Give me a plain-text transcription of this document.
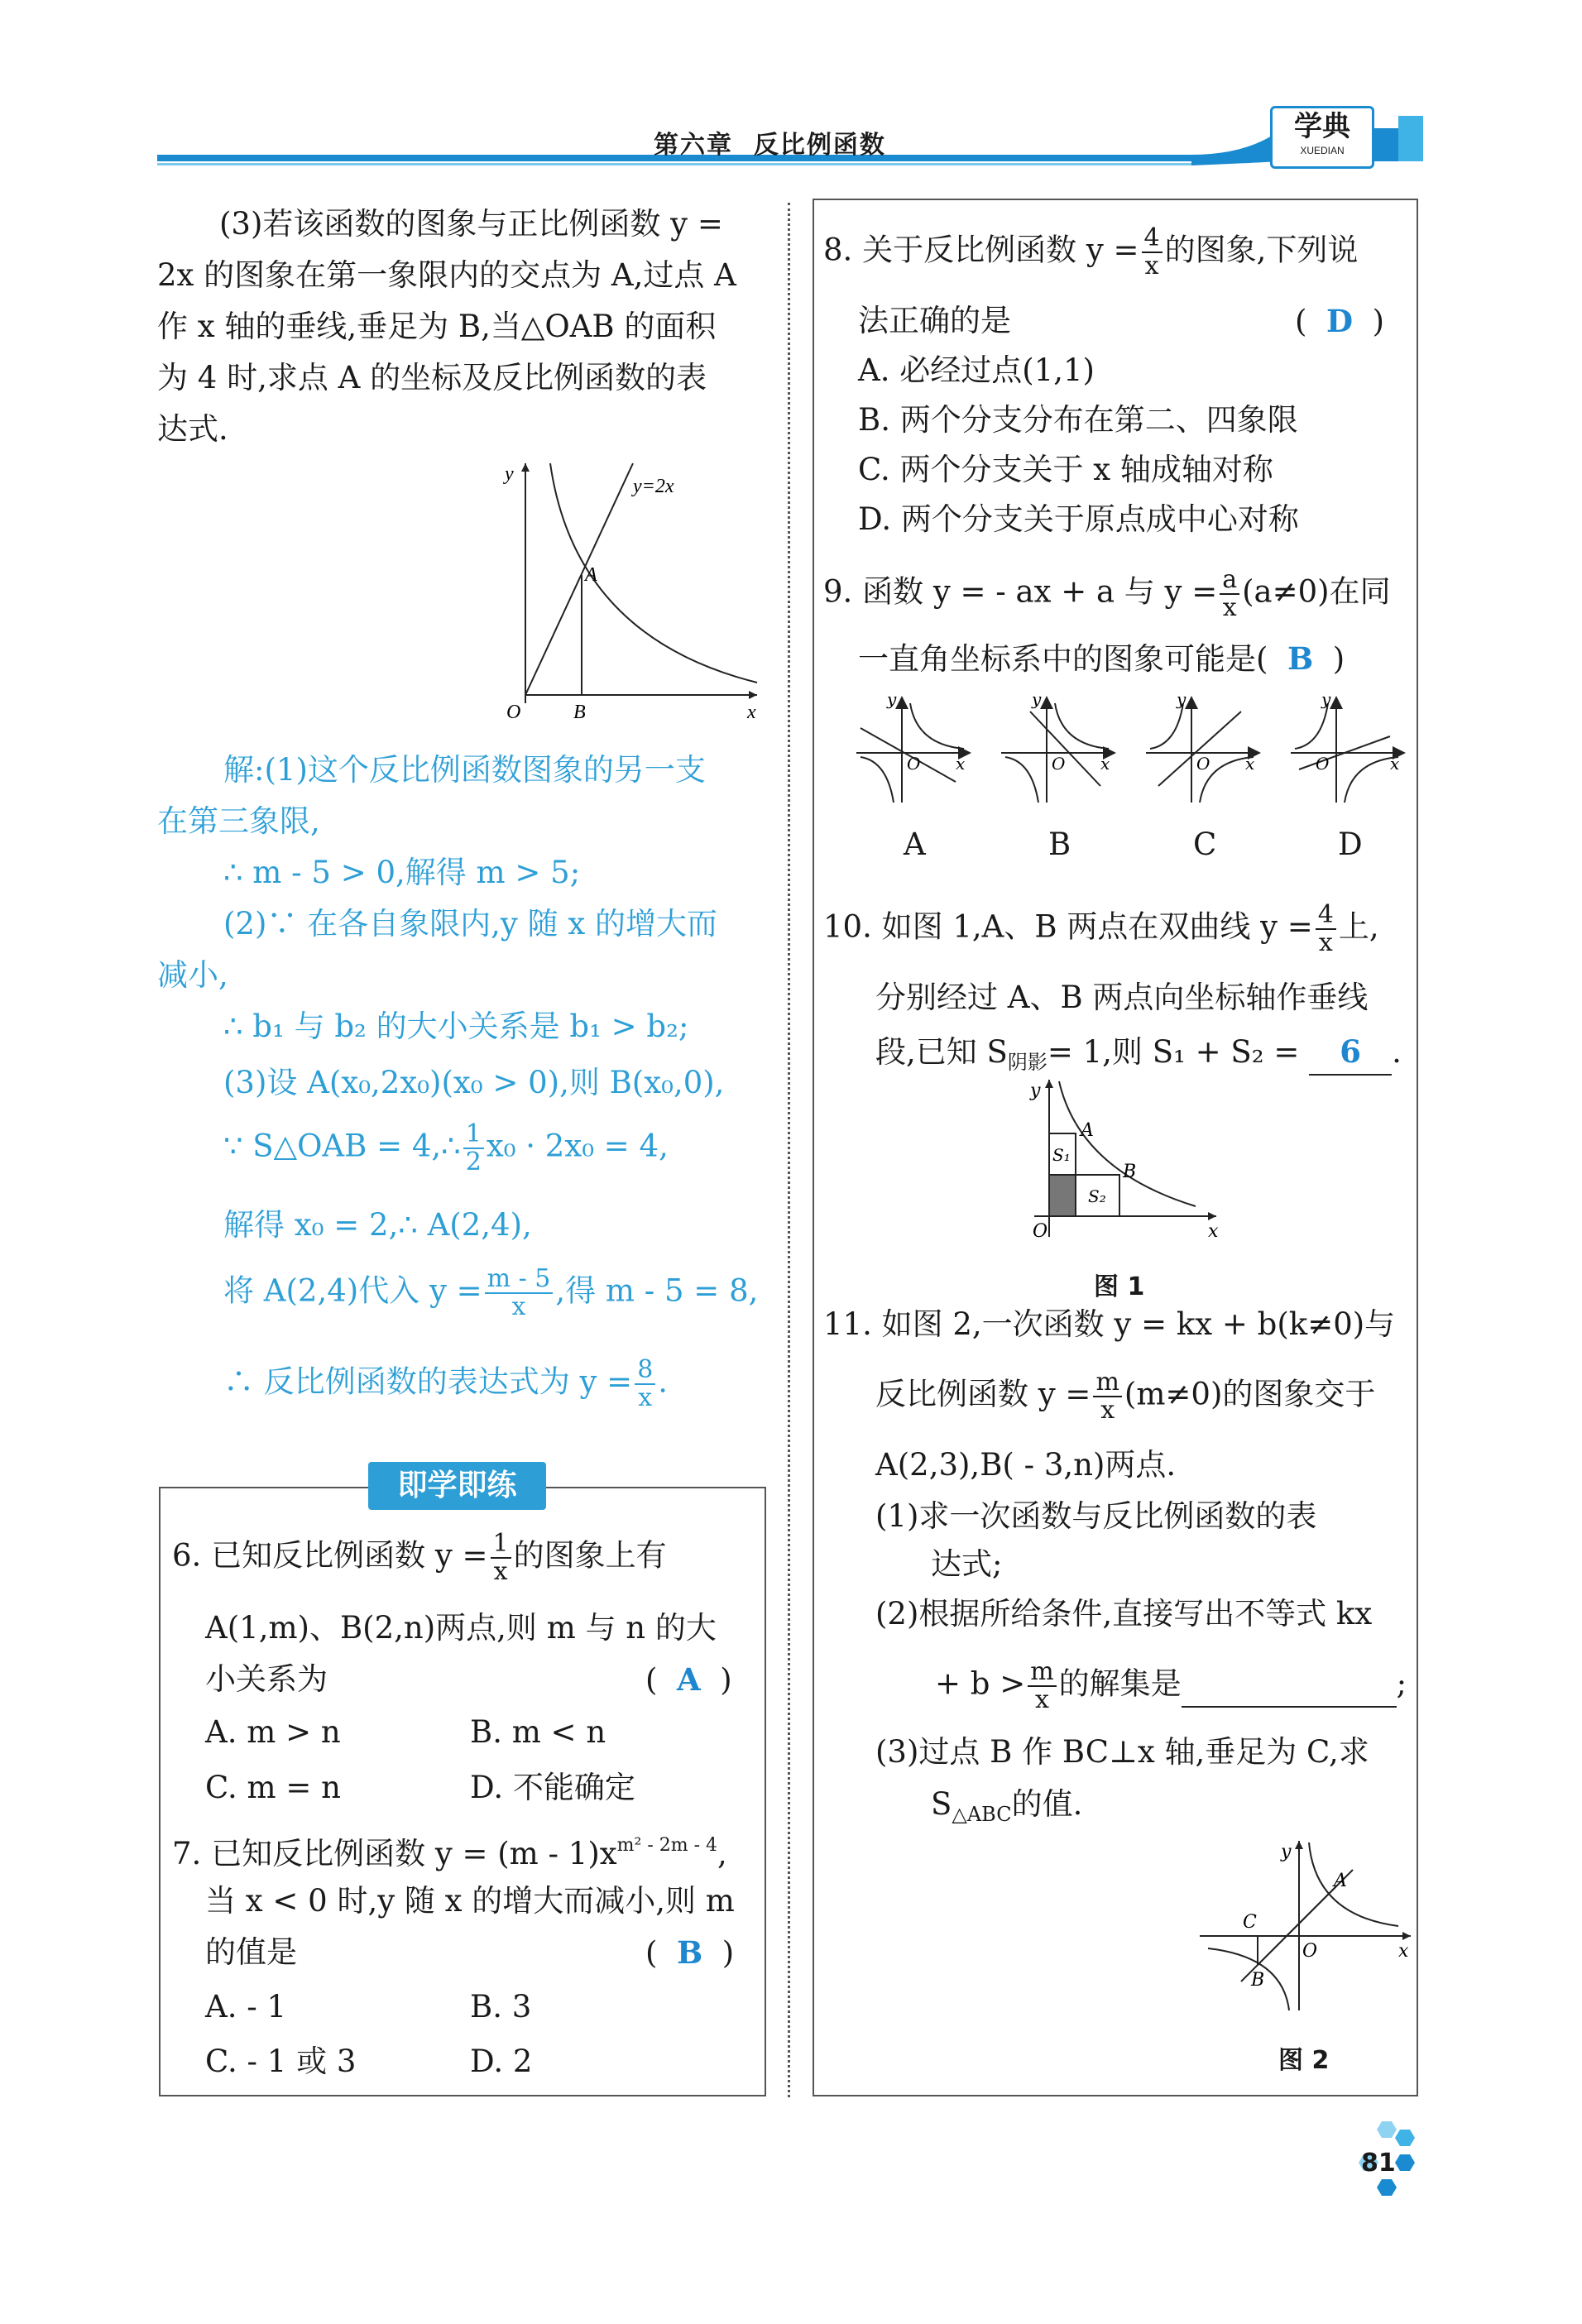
第六章 反比例函数
学典
XUEDIAN
(3)若该函数的图象与正比例函数 y =
2x 的图象在第一象限内的交点为 A,过点 A
作 x 轴的垂线,垂足为 B,当△OAB 的面积
为 4 时,求点 A 的坐标及反比例函数的表
达式.
y=2x
y
x
O
A
B
解:(1)这个反比例函数图象的另一支
在第三象限,
∴ m - 5 > 0,解得 m > 5;
(2)∵ 在各自象限内,y 随 x 的增大而
减小,
∴ b₁ 与 b₂ 的大小关系是 b₁ > b₂;
(3)设 A(x₀,2x₀)(x₀ > 0),则 B(x₀,0),
∵ S△OAB = 4,∴ $\frac{1}{2} x_0 \cdot 2x_0 = 4$,
解得 x₀ = 2,∴ A(2,4),
将 A(2,4)代入 $y = \frac{m - 5}{x}$ ,得 m - 5 = 8,
∴ 反比例函数的表达式为 $y = \frac{8}{x}$ .
即学即练
6. 已知反比例函数 $y = \frac{1}{x}$ 的图象上有
A(1,m)、B(2,n)两点,则 m 与 n 的大
小关系为	(  A  )
A. m > n	B. m < n
C. m = n	D. 不能确定
7. 已知反比例函数 $y = (m - 1)x^{m^2 - 2m - 4}$,
当 x < 0 时,y 随 x 的增大而减小,则 m
的值是	(  B  )
A. - 1	B. 3
C. - 1 或 3	D. 2
8. 关于反比例函数 $y = \frac{4}{x}$ 的图象,下列说
法正确的是	(  D  )
A. 必经过点(1,1)
B. 两个分支分布在第二、四象限
C. 两个分支关于 x 轴成轴对称
D. 两个分支关于原点成中心对称
9. 函数 y = - ax + a 与 $y = \frac{a}{x} (a\ne 0)$在同
一直角坐标系中的图象可能是( B )
y
O x
y
O x
y
O x
y
O	x
A	B	C	D
10. 如图 1,A、B 两点在双曲线 $y = \frac{4}{x}$ 上,
分别经过 A、B 两点向坐标轴作垂线
段,已知 $S_{阴影}= 1$,则 S₁ + S₂ = 6 .
y
x
O
A
B
S₁
S₂
图 1
11. 如图 2,一次函数 y = kx + b(k≠0)与
反比例函数 $y = \frac{m}{x} (m\ne 0)$的图象交于
A(2,3),B( - 3,n)两点.
(1)求一次函数与反比例函数的表
达式;
(2)根据所给条件,直接写出不等式 kx
+ $b > \frac{m}{x}$ 的解集是	;
(3)过点 B 作 BC⊥x 轴,垂足为 C,求
$S_{\triangle ABC}$的值.
y
x
O
A
B
C
图 2
81
